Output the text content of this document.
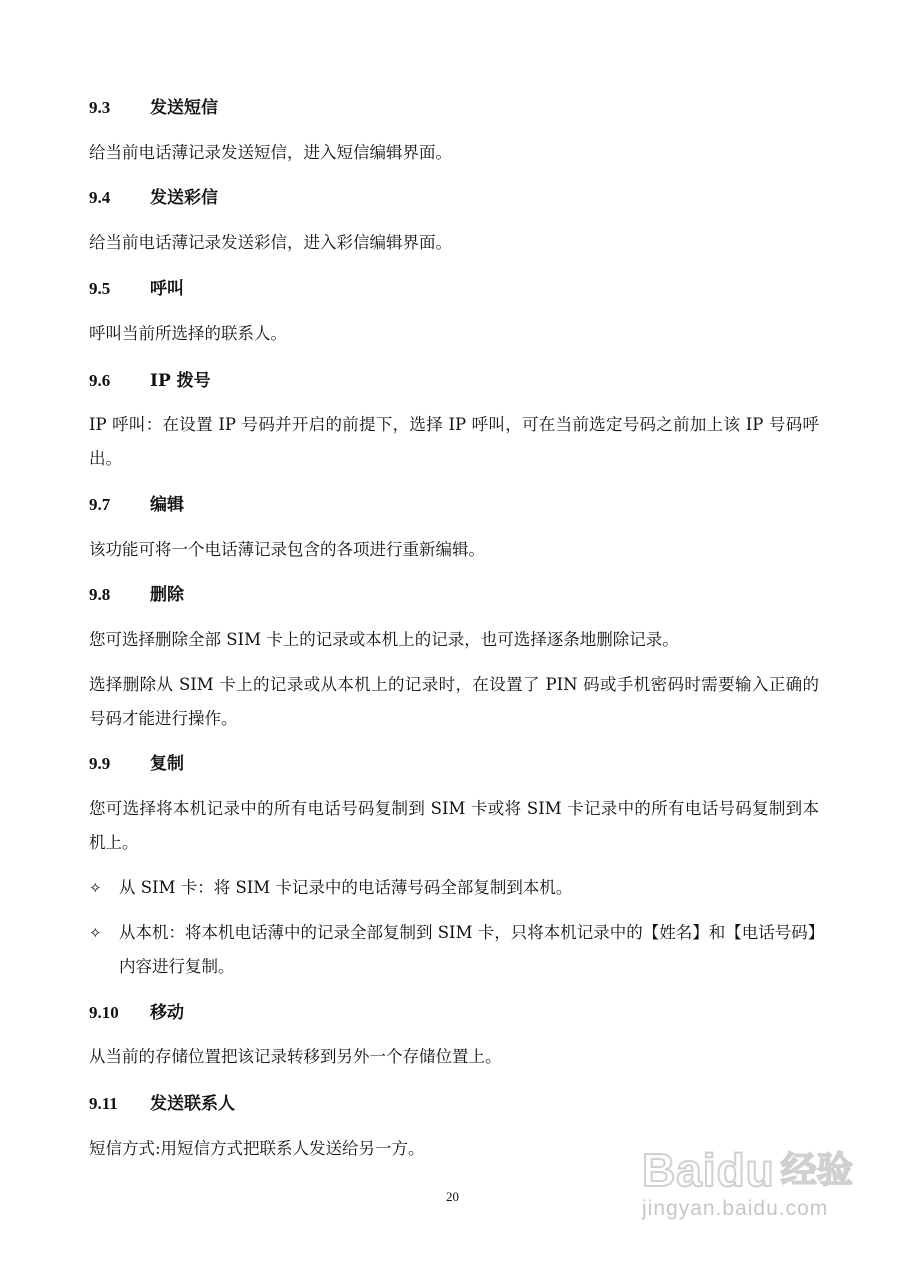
9.3	发送短信
给当前电话薄记录发送短信，进入短信编辑界面。
9.4	发送彩信
给当前电话薄记录发送彩信，进入彩信编辑界面。
9.5	呼叫
呼叫当前所选择的联系人。
9.6	IP 拨号
IP 呼叫：在设置 IP 号码并开启的前提下，选择 IP 呼叫，可在当前选定号码之前加上该 IP 号码呼出。
9.7	编辑
该功能可将一个电话薄记录包含的各项进行重新编辑。
9.8	删除
您可选择删除全部 SIM 卡上的记录或本机上的记录，也可选择逐条地删除记录。
选择删除从 SIM 卡上的记录或从本机上的记录时，在设置了 PIN 码或手机密码时需要输入正确的号码才能进行操作。
9.9	复制
您可选择将本机记录中的所有电话号码复制到 SIM 卡或将 SIM 卡记录中的所有电话号码复制到本机上。
✧	从 SIM 卡：将 SIM 卡记录中的电话薄号码全部复制到本机。
✧	从本机：将本机电话薄中的记录全部复制到 SIM 卡，只将本机记录中的【姓名】和【电话号码】内容进行复制。
9.10	移动
从当前的存储位置把该记录转移到另外一个存储位置上。
9.11	发送联系人
短信方式:用短信方式把联系人发送给另一方。
20
Baidu 经验
jingyan.baidu.com
